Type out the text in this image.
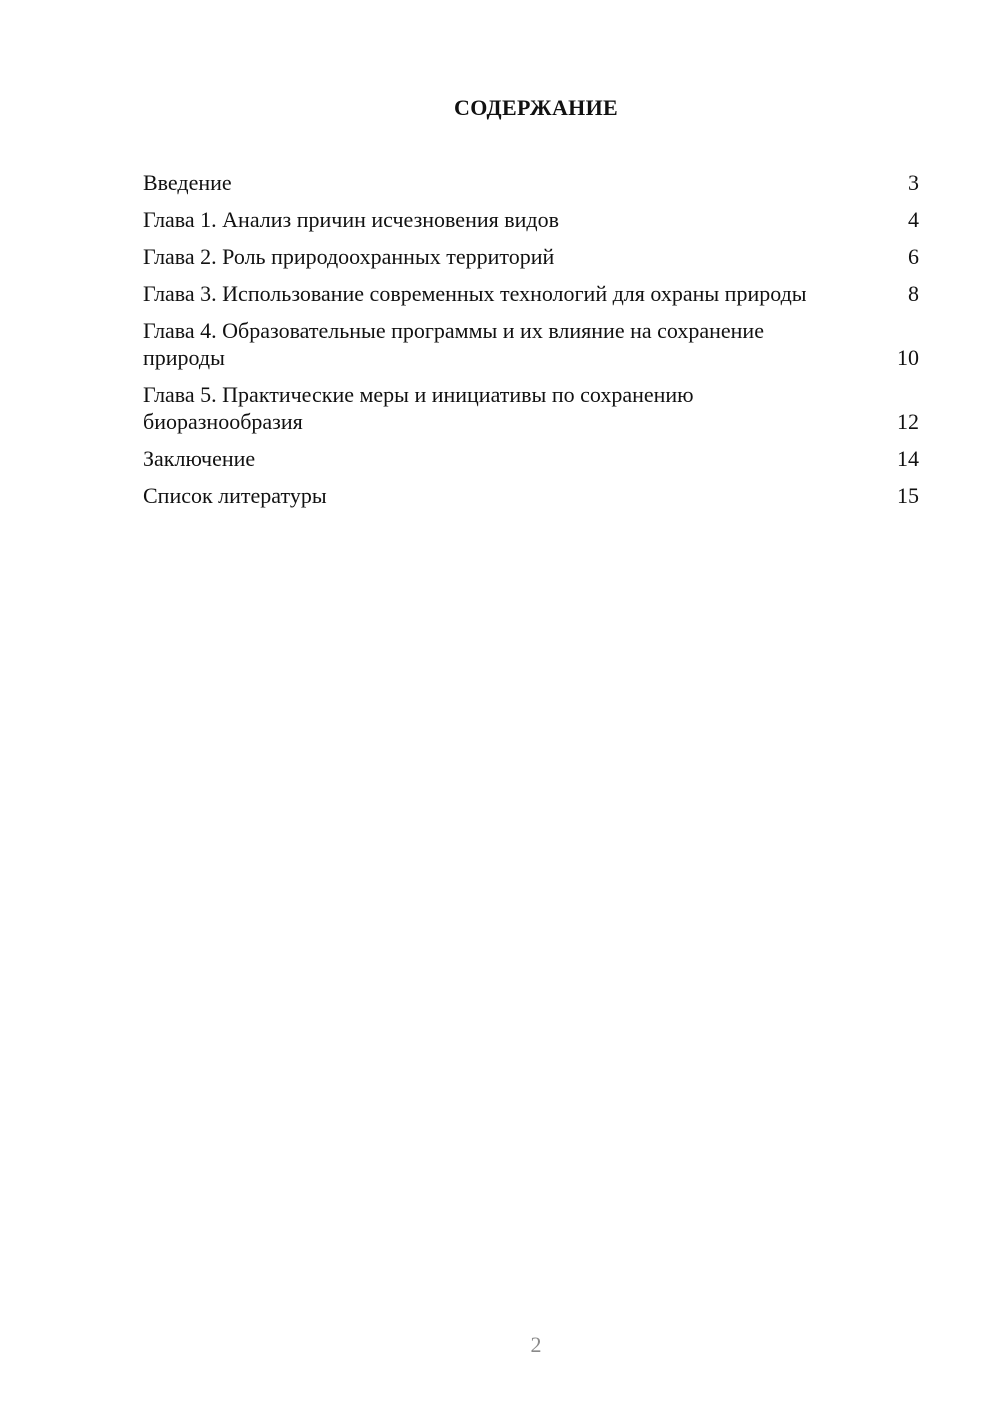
СОДЕРЖАНИЕ
Введение	3
Глава 1. Анализ причин исчезновения видов	4
Глава 2. Роль природоохранных территорий	6
Глава 3. Использование современных технологий для охраны природы	8
Глава 4. Образовательные программы и их влияние на сохранение природы	10
Глава 5. Практические меры и инициативы по сохранению биоразнообразия	12
Заключение	14
Список литературы	15
2
